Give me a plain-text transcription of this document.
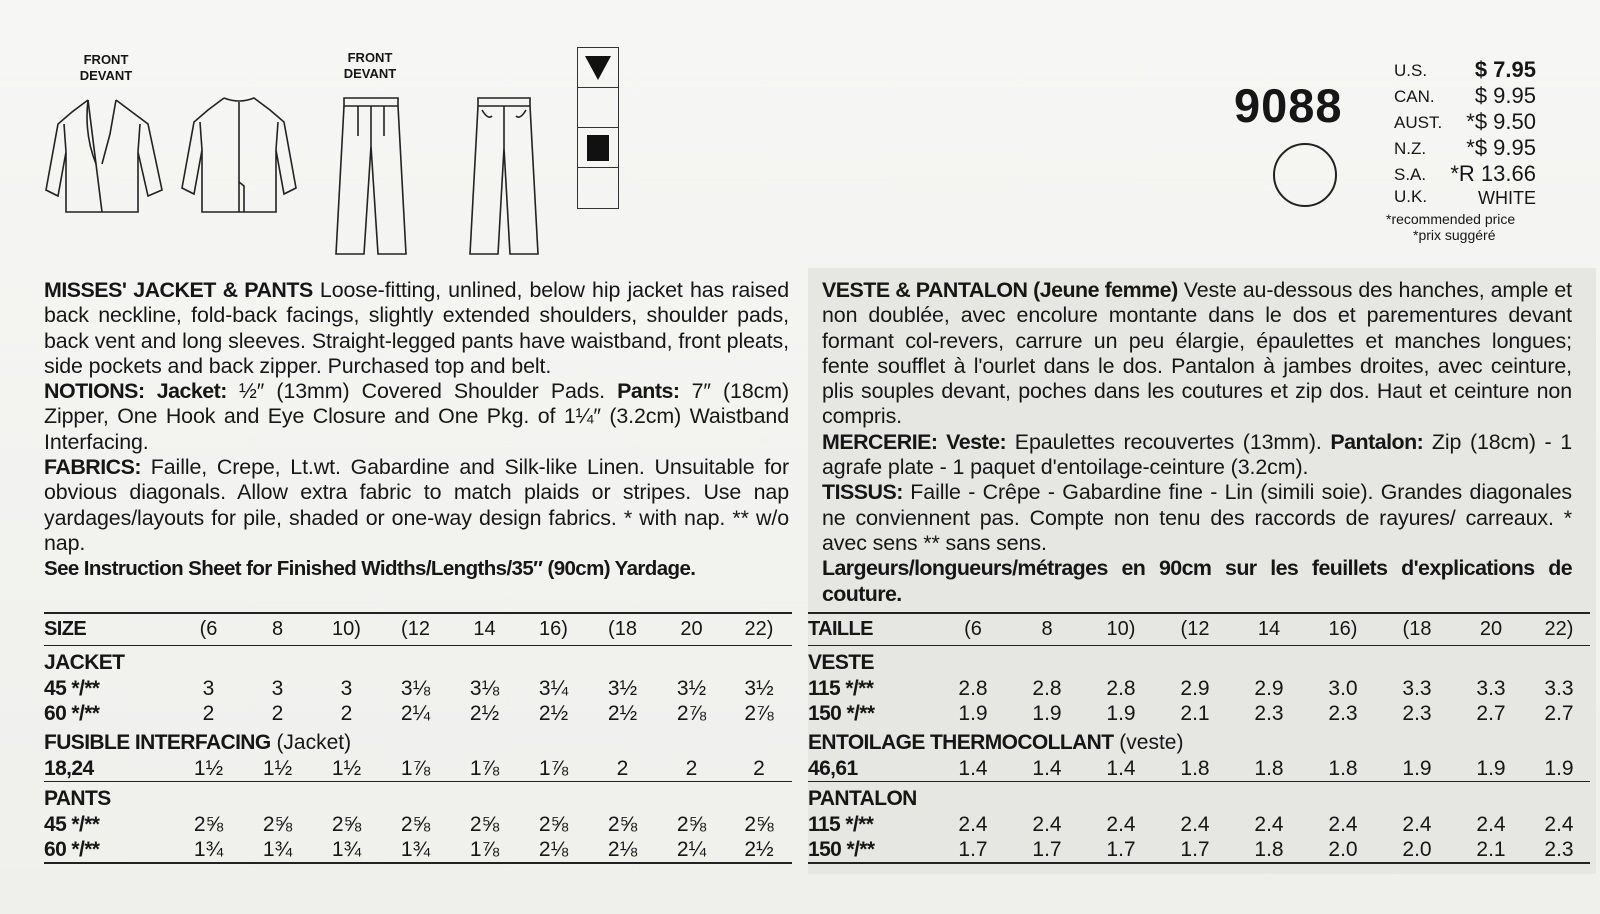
FRONT
DEVANT
FRONT
DEVANT
9088
U.S. $ 7.95
CAN. $ 9.95
AUST. *$ 9.50
N.Z. *$ 9.95
S.A. *R 13.66
U.K.	WHITE
*recommended price
*prix suggéré

MISSES' JACKET & PANTS Loose-fitting, unlined, below hip jacket has raised back neckline, fold-back facings, slightly extended shoulders, shoulder pads, back vent and long sleeves. Straight-legged pants have waistband, front pleats, side pockets and back zipper. Purchased top and belt.

NOTIONS: Jacket: ½″ (13mm) Covered Shoulder Pads. Pants: 7″ (18cm) Zipper, One Hook and Eye Closure and One Pkg. of 1¼″ (3.2cm) Waistband Interfacing.

FABRICS: Faille, Crepe, Lt.wt. Gabardine and Silk-like Linen. Unsuitable for obvious diagonals. Allow extra fabric to match plaids or stripes. Use nap yardages/layouts for pile, shaded or one-way design fabrics. * with nap. ** w/o nap.

See Instruction Sheet for Finished Widths/Lengths/35″ (90cm) Yardage.

VESTE & PANTALON (Jeune femme) Veste au-dessous des hanches, ample et non doublée, avec encolure montante dans le dos et parementures devant formant col-revers, carrure un peu élargie, épaulettes et manches longues; fente soufflet à l'ourlet dans le dos. Pantalon à jambes droites, avec ceinture, plis souples devant, poches dans les coutures et zip dos. Haut et ceinture non compris.

MERCERIE: Veste: Epaulettes recouvertes (13mm). Pantalon: Zip (18cm) - 1 agrafe plate - 1 paquet d'entoilage-ceinture (3.2cm).

TISSUS: Faille - Crêpe - Gabardine fine - Lin (simili soie). Grandes diagonales ne conviennent pas. Compte non tenu des raccords de rayures/ carreaux. * avec sens ** sans sens.

Largeurs/longueurs/métrages en 90cm sur les feuillets d'explications de couture.

SIZE	(6	8	10)	(12	14	16)	(18	20	22)
JACKET									
45 */**	3	3	3	3⅛	3⅛	3¼	3½	3½	3½
60 */**	2	2	2	2¼	2½	2½	2½	2⅞	2⅞
FUSIBLE INTERFACING (Jacket)									
18,24	1½	1½	1½	1⅞	1⅞	1⅞	2	2	2
PANTS									
45 */**	2⅝	2⅝	2⅝	2⅝	2⅝	2⅝	2⅝	2⅝	2⅝
60 */**	1¾	1¾	1¾	1¾	1⅞	2⅛	2⅛	2¼	2½
TAILLE	(6	8	10)	(12	14	16)	(18	20	22)
VESTE									
115 */**	2.8	2.8	2.8	2.9	2.9	3.0	3.3	3.3	3.3
150 */**	1.9	1.9	1.9	2.1	2.3	2.3	2.3	2.7	2.7
ENTOILAGE THERMOCOLLANT (veste)									
46,61	1.4	1.4	1.4	1.8	1.8	1.8	1.9	1.9	1.9
PANTALON									
115 */**	2.4	2.4	2.4	2.4	2.4	2.4	2.4	2.4	2.4
150 */**	1.7	1.7	1.7	1.7	1.8	2.0	2.0	2.1	2.3
